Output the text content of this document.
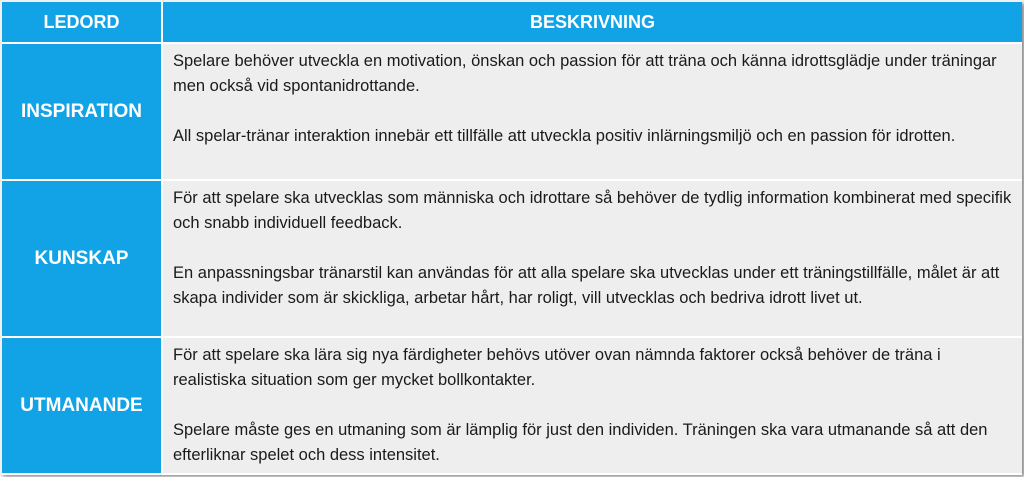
LEDORD	BESKRIVNING
INSPIRATION	Spelare behöver utveckla en motivation, önskan och passion för att träna och känna idrottsglädje under träningar men också vid spontanidrottande.

All spelar-tränar interaktion innebär ett tillfälle att utveckla positiv inlärningsmiljö och en passion för idrotten.

KUNSKAP	För att spelare ska utvecklas som människa och idrottare så behöver de tydlig information kombinerat med specifik och snabb individuell feedback.

En anpassningsbar tränarstil kan användas för att alla spelare ska utvecklas under ett träningstillfälle, målet är att skapa individer som är skickliga, arbetar hårt, har roligt, vill utvecklas och bedriva idrott livet ut.

UTMANANDE	För att spelare ska lära sig nya färdigheter behövs utöver ovan nämnda faktorer också behöver de träna i realistiska situation som ger mycket bollkontakter.

Spelare måste ges en utmaning som är lämplig för just den individen. Träningen ska vara utmanande så att den efterliknar spelet och dess intensitet.
